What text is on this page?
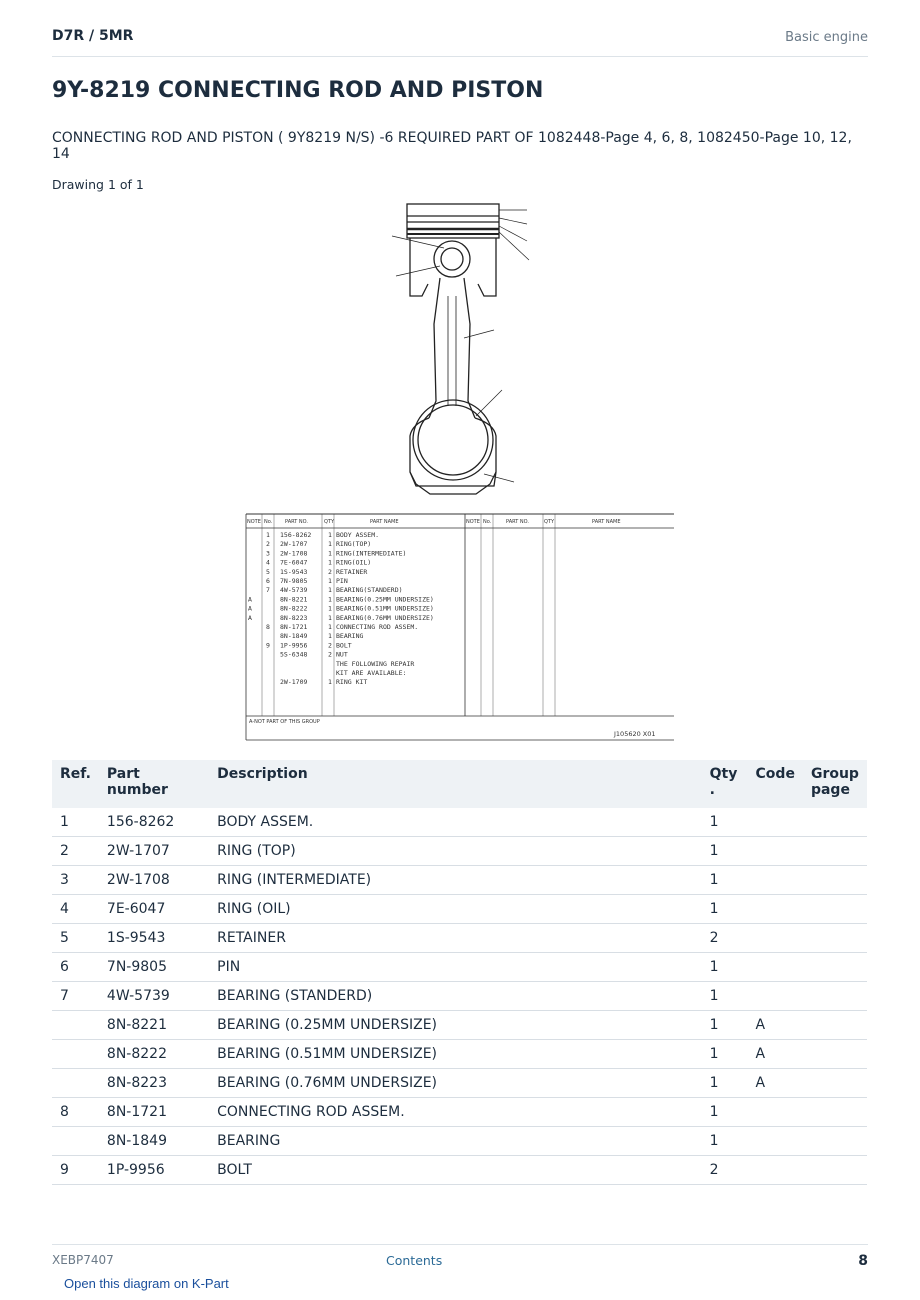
D7R / 5MR	Basic engine
9Y-8219 CONNECTING ROD AND PISTON
CONNECTING ROD AND PISTON ( 9Y8219 N/S) -6 REQUIRED PART OF 1082448-Page 4, 6, 8, 1082450-Page 10, 12, 14
Drawing 1 of 1
NOTE No.	PART NO.	QTY	PART NAME	NOTE No.	PART NO.	QTY	PART NAME
1 156-8262	1 BODY ASSEM.
2 2W-1707	1 RING(TOP)
3 2W-1708	1 RING(INTERMEDIATE)
4 7E-6047	1 RING(OIL)
5 1S-9543	2 RETAINER
6 7N-9805	1 PIN
7 4W-5739	1 BEARING(STANDERD)
A	8N-8221	1 BEARING(0.25MM UNDERSIZE)
A	8N-8222	1 BEARING(0.51MM UNDERSIZE)
A	8N-8223	1 BEARING(0.76MM UNDERSIZE)
8 8N-1721	1 CONNECTING ROD ASSEM.
8N-1849	1 BEARING
9 1P-9956	2 BOLT
5S-6348	2 NUT
THE FOLLOWING REPAIR
KIT ARE AVAILABLE:
2W-1709	1 RING KIT
A-NOT PART OF THIS GROUP
J105620 X01
Ref.	Part number	Description	Qty .	Code	Group page
1	156-8262	BODY ASSEM.	1		
2	2W-1707	RING (TOP)	1		
3	2W-1708	RING (INTERMEDIATE)	1		
4	7E-6047	RING (OIL)	1		
5	1S-9543	RETAINER	2		
6	7N-9805	PIN	1		
7	4W-5739	BEARING (STANDERD)	1		
	8N-8221	BEARING (0.25MM UNDERSIZE)	1	A	
	8N-8222	BEARING (0.51MM UNDERSIZE)	1	A	
	8N-8223	BEARING (0.76MM UNDERSIZE)	1	A	
8	8N-1721	CONNECTING ROD ASSEM.	1		
	8N-1849	BEARING	1		
9	1P-9956	BOLT	2		
XEBP7407	Contents	8
Open this diagram on K-Part
